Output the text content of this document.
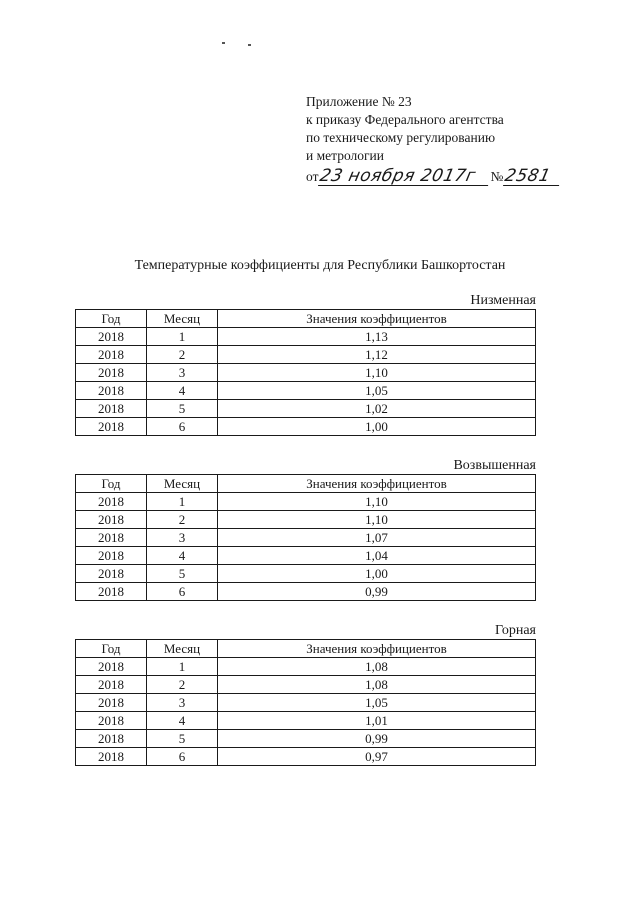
Приложение № 23
к приказу Федерального агентства
по техническому регулированию
и метрологии
от 23 ноября 2017г № 2581
Температурные коэффициенты для Республики Башкортостан
Низменная
Год	Месяц	Значения коэффициентов
2018	1	1,13
2018	2	1,12
2018	3	1,10
2018	4	1,05
2018	5	1,02
2018	6	1,00
Возвышенная
Год	Месяц	Значения коэффициентов
2018	1	1,10
2018	2	1,10
2018	3	1,07
2018	4	1,04
2018	5	1,00
2018	6	0,99
Горная
Год	Месяц	Значения коэффициентов
2018	1	1,08
2018	2	1,08
2018	3	1,05
2018	4	1,01
2018	5	0,99
2018	6	0,97
